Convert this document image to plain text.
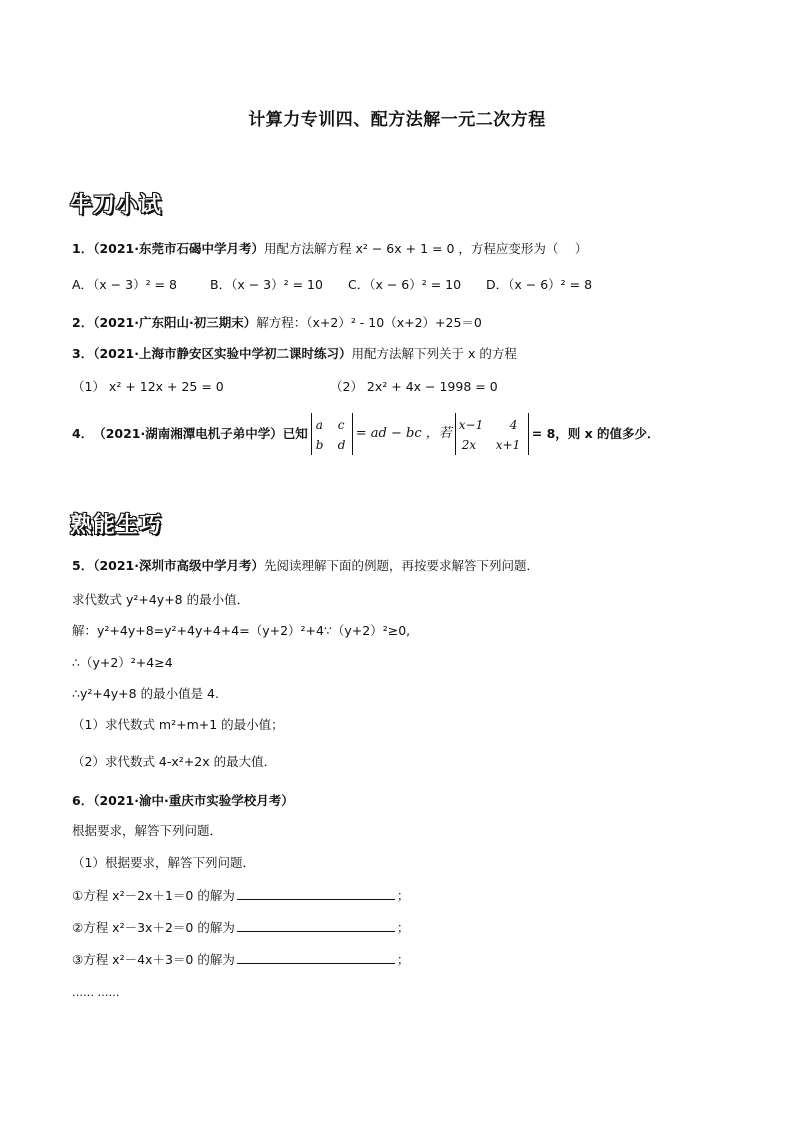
计算力专训四、配方法解一元二次方程
牛刀小试
1．（2021·东莞市石碣中学月考）用配方法解方程 x² − 6x + 1 = 0 ，方程应变形为（　 ）
A．（x − 3）² = 8	B．（x − 3）² = 10 C．（x − 6）² = 10 D．（x − 6）² = 8
2．（2021·广东阳山·初三期末）解方程：（x+2）² - 10（x+2）+25＝0
3．（2021·上海市静安区实验中学初二课时练习）用配方法解下列关于 x 的方程
（1） x² + 12x + 25 = 0	（2） 2x² + 4x − 1998 = 0
4． （2021·湖南湘潭电机子弟中学） 已知
a c
b d
= ad − bc ，若
x−1 4
2x x+1
= 8，则 x 的值多少．
熟能生巧
5．（2021·深圳市高级中学月考）先阅读理解下面的例题，再按要求解答下列问题．
求代数式 y²+4y+8 的最小值．
解：y²+4y+8=y²+4y+4+4=（y+2）²+4∵（y+2）²≥0,
∴（y+2）²+4≥4
∴y²+4y+8 的最小值是 4.
（1）求代数式 m²+m+1 的最小值；
（2）求代数式 4-x²+2x 的最大值．
6．（2021·渝中·重庆市实验学校月考）
根据要求，解答下列问题．
（1）根据要求，解答下列问题．
①方程 x²－2x＋1＝0 的解为	；
②方程 x²－3x＋2＝0 的解为	；
③方程 x²－4x＋3＝0 的解为	；
…… ……
